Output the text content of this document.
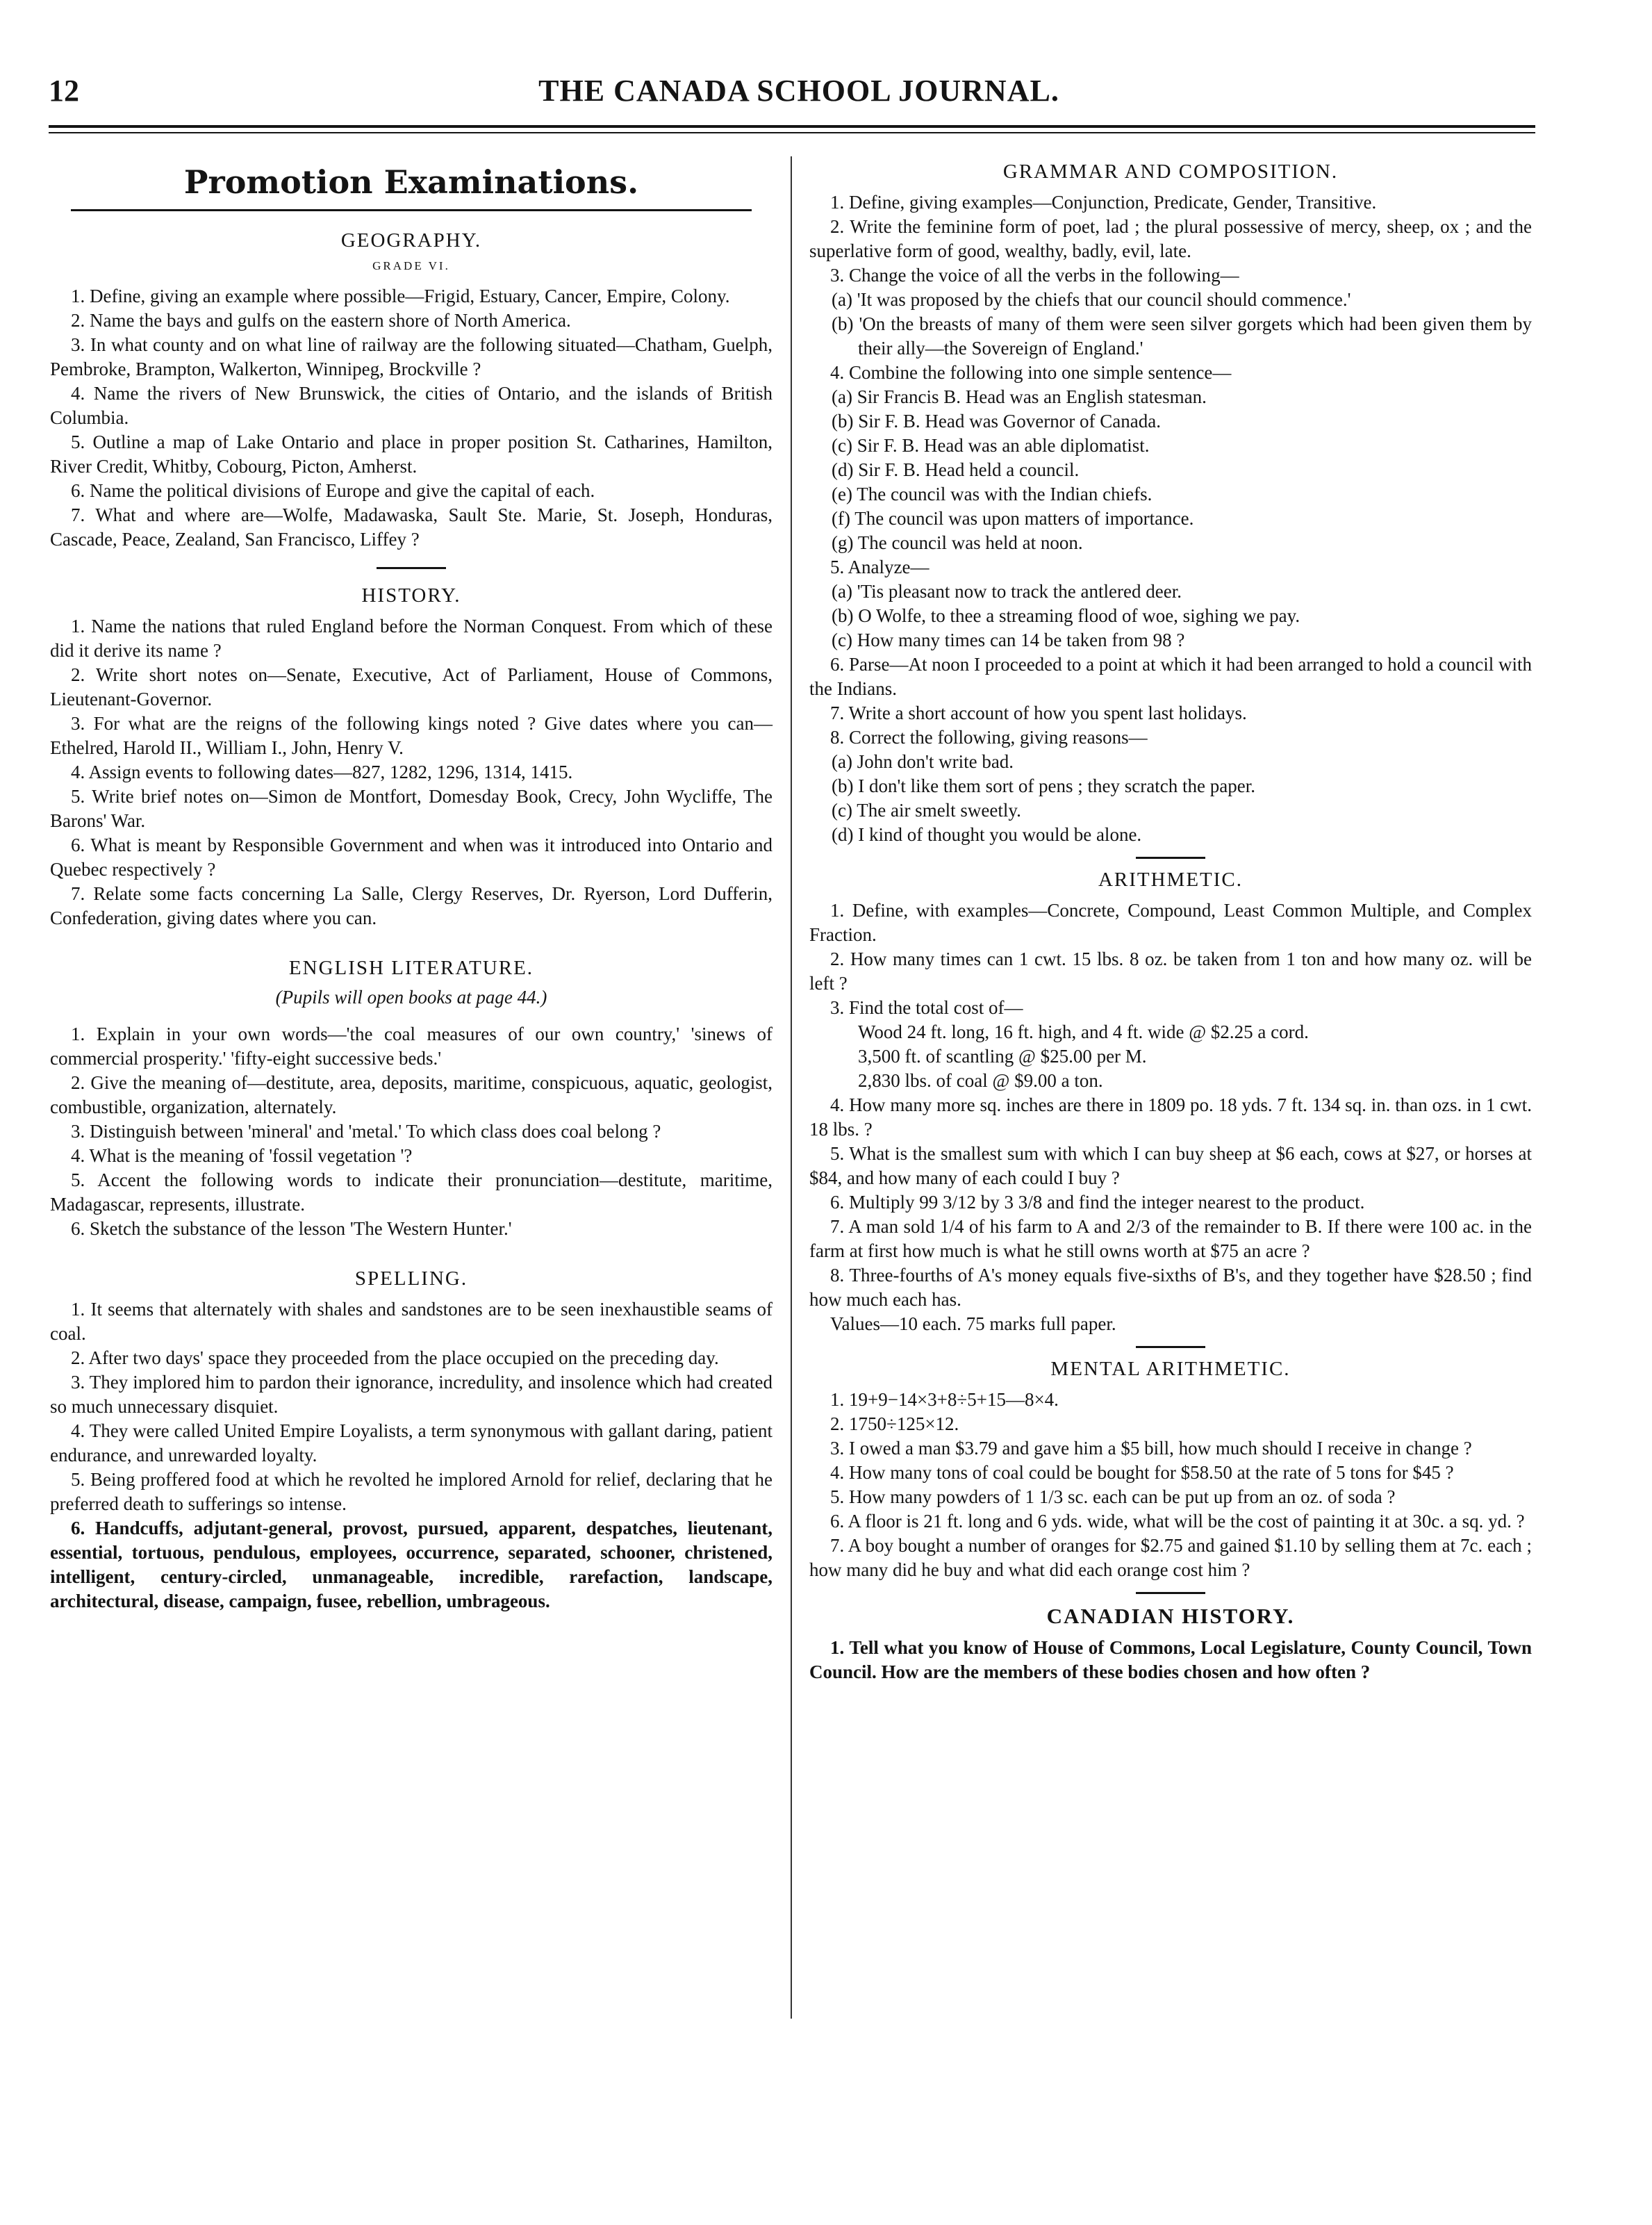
12	THE CANADA SCHOOL JOURNAL.
Promotion Examinations.
GEOGRAPHY.
GRADE VI.

1. Define, giving an example where possible—Frigid, Estuary, Cancer, Empire, Colony.

2. Name the bays and gulfs on the eastern shore of North America.

3. In what county and on what line of railway are the following situated—Chatham, Guelph, Pembroke, Brampton, Walkerton, Winnipeg, Brockville ?

4. Name the rivers of New Brunswick, the cities of Ontario, and the islands of British Columbia.

5. Outline a map of Lake Ontario and place in proper position St. Catharines, Hamilton, River Credit, Whitby, Cobourg, Picton, Amherst.

6. Name the political divisions of Europe and give the capital of each.

7. What and where are—Wolfe, Madawaska, Sault Ste. Marie, St. Joseph, Honduras, Cascade, Peace, Zealand, San Francisco, Liffey ?

HISTORY.

1. Name the nations that ruled England before the Norman Conquest. From which of these did it derive its name ?

2. Write short notes on—Senate, Executive, Act of Parliament, House of Commons, Lieutenant-Governor.

3. For what are the reigns of the following kings noted ? Give dates where you can—Ethelred, Harold II., William I., John, Henry V.

4. Assign events to following dates—827, 1282, 1296, 1314, 1415.

5. Write brief notes on—Simon de Montfort, Domesday Book, Crecy, John Wycliffe, The Barons' War.

6. What is meant by Responsible Government and when was it introduced into Ontario and Quebec respectively ?

7. Relate some facts concerning La Salle, Clergy Reserves, Dr. Ryerson, Lord Dufferin, Confederation, giving dates where you can.

ENGLISH LITERATURE.
(Pupils will open books at page 44.)

1. Explain in your own words—'the coal measures of our own country,' 'sinews of commercial prosperity.' 'fifty-eight successive beds.'

2. Give the meaning of—destitute, area, deposits, maritime, conspicuous, aquatic, geologist, combustible, organization, alternately.

3. Distinguish between 'mineral' and 'metal.' To which class does coal belong ?

4. What is the meaning of 'fossil vegetation '?

5. Accent the following words to indicate their pronunciation—destitute, maritime, Madagascar, represents, illustrate.

6. Sketch the substance of the lesson 'The Western Hunter.'

SPELLING.

1. It seems that alternately with shales and sandstones are to be seen inexhaustible seams of coal.

2. After two days' space they proceeded from the place occupied on the preceding day.

3. They implored him to pardon their ignorance, incredulity, and insolence which had created so much unnecessary disquiet.

4. They were called United Empire Loyalists, a term synonymous with gallant daring, patient endurance, and unrewarded loyalty.

5. Being proffered food at which he revolted he implored Arnold for relief, declaring that he preferred death to sufferings so intense.

6. Handcuffs, adjutant-general, provost, pursued, apparent, despatches, lieutenant, essential, tortuous, pendulous, employees, occurrence, separated, schooner, christened, intelligent, century-circled, unmanageable, incredible, rarefaction, landscape, architectural, disease, campaign, fusee, rebellion, umbrageous.

GRAMMAR AND COMPOSITION.

1. Define, giving examples—Conjunction, Predicate, Gender, Transitive.

2. Write the feminine form of poet, lad ; the plural possessive of mercy, sheep, ox ; and the superlative form of good, wealthy, badly, evil, late.

3. Change the voice of all the verbs in the following—

(a) 'It was proposed by the chiefs that our council should commence.'

(b) 'On the breasts of many of them were seen silver gorgets which had been given them by their ally—the Sovereign of England.'

4. Combine the following into one simple sentence—

(a) Sir Francis B. Head was an English statesman.

(b) Sir F. B. Head was Governor of Canada.

(c) Sir F. B. Head was an able diplomatist.

(d) Sir F. B. Head held a council.

(e) The council was with the Indian chiefs.

(f) The council was upon matters of importance.

(g) The council was held at noon.

5. Analyze—

(a) 'Tis pleasant now to track the antlered deer.

(b) O Wolfe, to thee a streaming flood of woe, sighing we pay.

(c) How many times can 14 be taken from 98 ?

6. Parse—At noon I proceeded to a point at which it had been arranged to hold a council with the Indians.

7. Write a short account of how you spent last holidays.

8. Correct the following, giving reasons—

(a) John don't write bad.

(b) I don't like them sort of pens ; they scratch the paper.

(c) The air smelt sweetly.

(d) I kind of thought you would be alone.

ARITHMETIC.

1. Define, with examples—Concrete, Compound, Least Common Multiple, and Complex Fraction.

2. How many times can 1 cwt. 15 lbs. 8 oz. be taken from 1 ton and how many oz. will be left ?

3. Find the total cost of—

Wood 24 ft. long, 16 ft. high, and 4 ft. wide @ $2.25 a cord.

3,500 ft. of scantling @ $25.00 per M.

2,830 lbs. of coal @ $9.00 a ton.

4. How many more sq. inches are there in 1809 po. 18 yds. 7 ft. 134 sq. in. than ozs. in 1 cwt. 18 lbs. ?

5. What is the smallest sum with which I can buy sheep at $6 each, cows at $27, or horses at $84, and how many of each could I buy ?

6. Multiply 99 3/12 by 3 3/8 and find the integer nearest to the product.

7. A man sold 1/4 of his farm to A and 2/3 of the remainder to B. If there were 100 ac. in the farm at first how much is what he still owns worth at $75 an acre ?

8. Three-fourths of A's money equals five-sixths of B's, and they together have $28.50 ; find how much each has.

Values—10 each. 75 marks full paper.

MENTAL ARITHMETIC.

1. 19+9−14×3+8÷5+15—8×4.

2. 1750÷125×12.

3. I owed a man $3.79 and gave him a $5 bill, how much should I receive in change ?

4. How many tons of coal could be bought for $58.50 at the rate of 5 tons for $45 ?

5. How many powders of 1 1/3 sc. each can be put up from an oz. of soda ?

6. A floor is 21 ft. long and 6 yds. wide, what will be the cost of painting it at 30c. a sq. yd. ?

7. A boy bought a number of oranges for $2.75 and gained $1.10 by selling them at 7c. each ; how many did he buy and what did each orange cost him ?

CANADIAN HISTORY.

1. Tell what you know of House of Commons, Local Legislature, County Council, Town Council. How are the members of these bodies chosen and how often ?
